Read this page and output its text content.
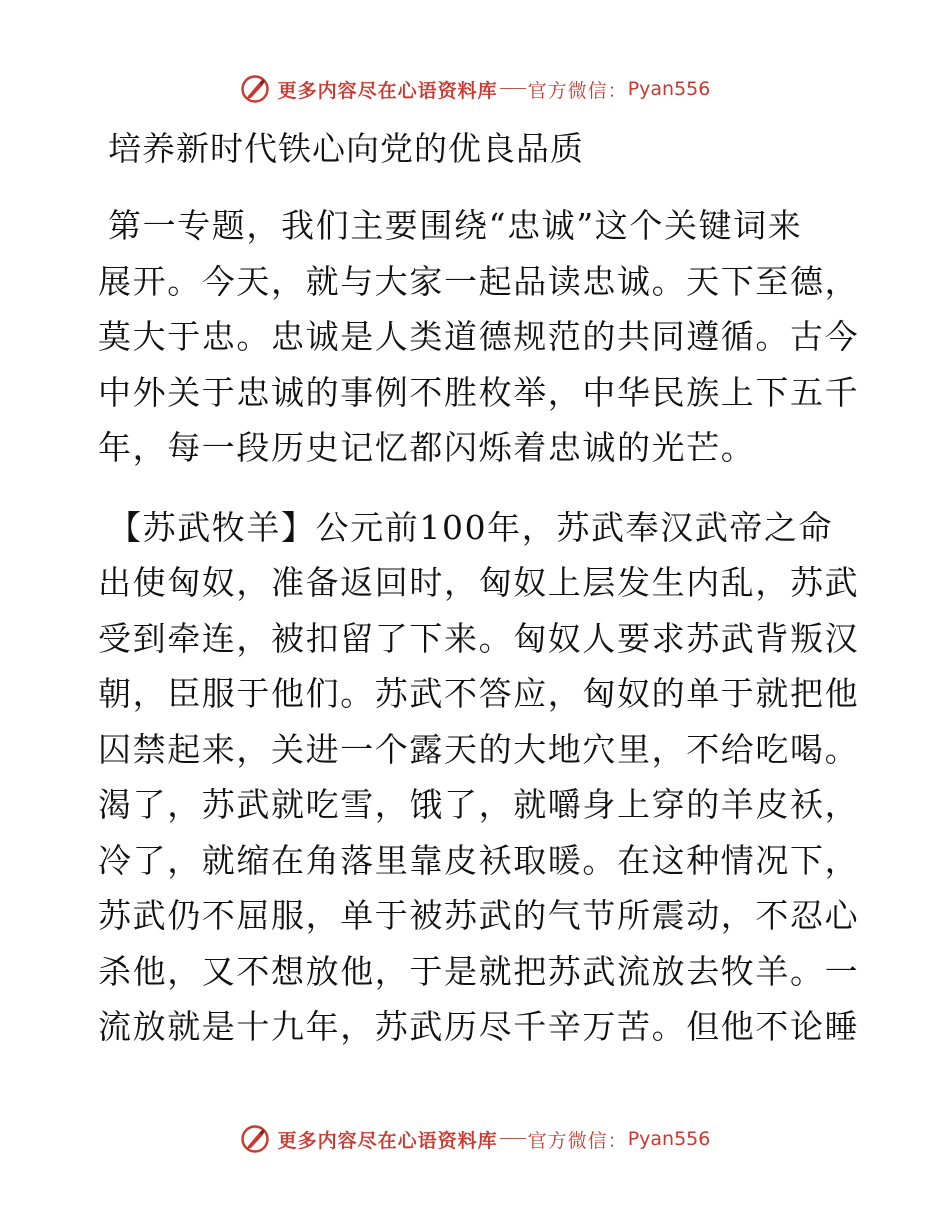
更多内容尽在心语资料库 官方微信： Pyan556
培养新时代铁心向党的优良品质

第一专题，我们主要围绕“忠诚”这个关键词来
展开。今天，就与大家一起品读忠诚。天下至德，
莫大于忠。忠诚是人类道德规范的共同遵循。古今
中外关于忠诚的事例不胜枚举，中华民族上下五千
年，每一段历史记忆都闪烁着忠诚的光芒。

【苏武牧羊】公元前100年，苏武奉汉武帝之命
出使匈奴，准备返回时，匈奴上层发生内乱，苏武
受到牵连，被扣留了下来。匈奴人要求苏武背叛汉
朝，臣服于他们。苏武不答应，匈奴的单于就把他
囚禁起来，关进一个露天的大地穴里，不给吃喝。
渴了，苏武就吃雪，饿了，就嚼身上穿的羊皮袄，
冷了，就缩在角落里靠皮袄取暖。在这种情况下，
苏武仍不屈服，单于被苏武的气节所震动，不忍心
杀他，又不想放他，于是就把苏武流放去牧羊。一
流放就是十九年，苏武历尽千辛万苦。但他不论睡

更多内容尽在心语资料库 官方微信： Pyan556
